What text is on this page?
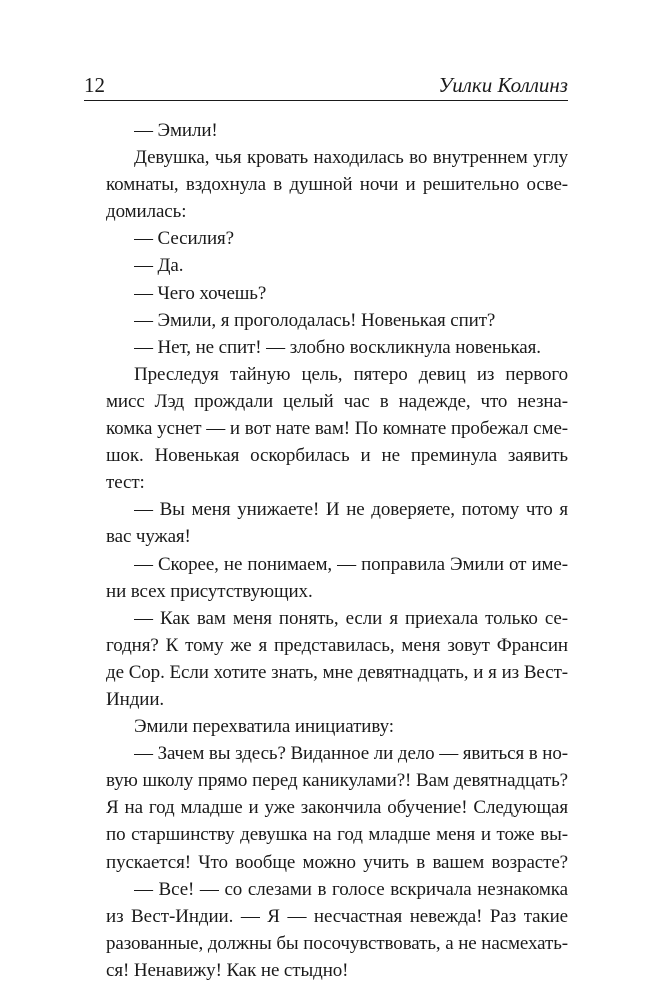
12	Уилки Коллинз
— Эмили!
Девушка, чья кровать находилась во внутреннем углу
комнаты, вздохнула в душной ночи и решительно осве-
домилась:
— Сесилия?
— Да.
— Чего хочешь?
— Эмили, я проголодалась! Новенькая спит?
— Нет, не спит! — злобно воскликнула новенькая.
Преследуя тайную цель, пятеро девиц из первого
мисс Лэд прождали целый час в надежде, что незна-
комка уснет — и вот нате вам! По комнате пробежал сме-
шок. Новенькая оскорбилась и не преминула заявить
тест:
— Вы меня унижаете! И не доверяете, потому что я
вас чужая!
— Скорее, не понимаем, — поправила Эмили от име-
ни всех присутствующих.
— Как вам меня понять, если я приехала только се-
годня? К тому же я представилась, меня зовут Франсин
де Сор. Если хотите знать, мне девятнадцать, и я из Вест-
Индии.
Эмили перехватила инициативу:
— Зачем вы здесь? Виданное ли дело — явиться в но-
вую школу прямо перед каникулами?! Вам девятнадцать?
Я на год младше и уже закончила обучение! Следующая
по старшинству девушка на год младше меня и тоже вы-
пускается! Что вообще можно учить в вашем возрасте?
— Все! — со слезами в голосе вскричала незнакомка
из Вест-Индии. — Я — несчастная невежда! Раз такие
разованные, должны бы посочувствовать, а не насмехать-
ся! Ненавижу! Как не стыдно!
